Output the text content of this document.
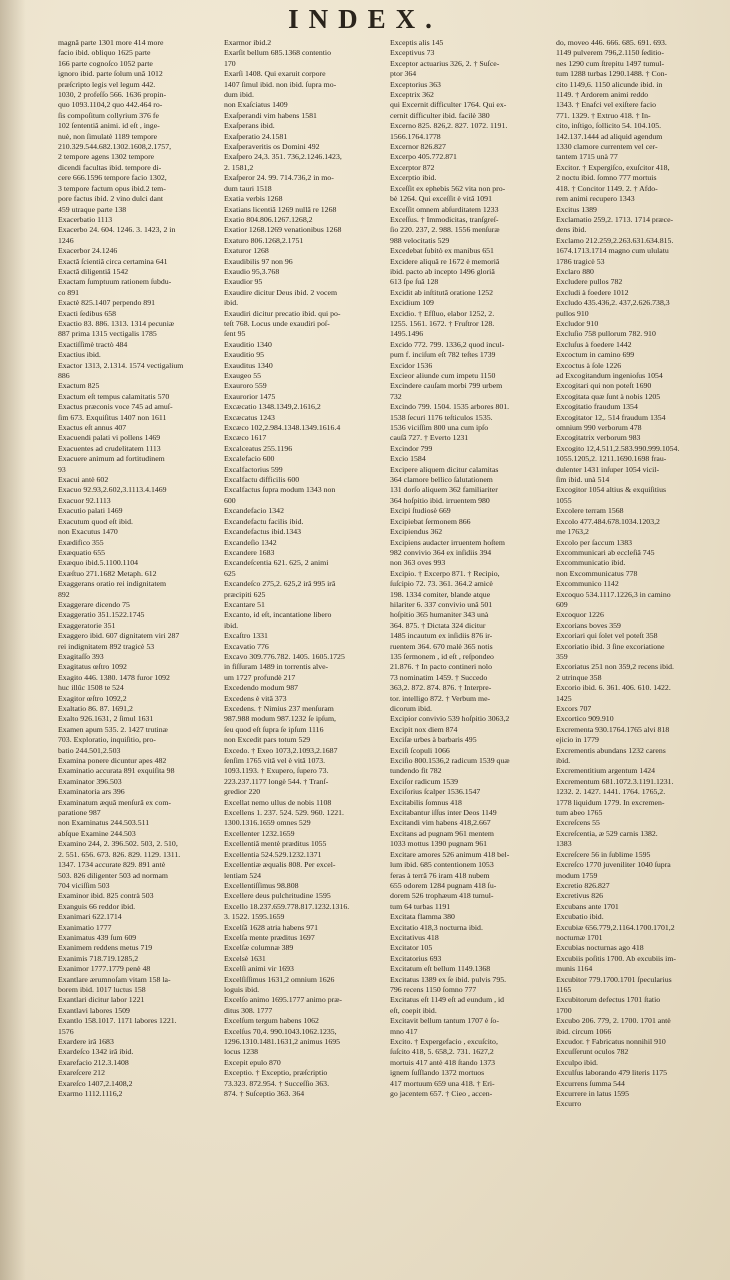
INDEX.
magnâ parte 1301 more 414 more
facio ibid. obliquo 1625 parte
166 parte cognoſco 1052 parte
ignoro ibid. parte ſolum unâ 1012
præſcripto legis vel legum 442.
1030, 2 profeſſo 566. 1636 propin-
quo 1093.1104,2 quo 442.464 ro-
ſis compoſitum collyrium 376 fe
102 ſententiâ animi. id eſt , inge-
nuè, non ſimulatè 1189 tempore
210.329.544.682.1302.1608,2.1757,
2 tempore agens 1302 tempore
dicendi facultas ibid. tempore di-
cere 666.1596 tempore facio 1302,
3 tempore factum opus ibid.2 tem-
pore factus ibid. 2 vino dulci dant
459 utraque parte 138
Exacerbatio 1113
Exacerbo 24. 604. 1246. 3. 1423, 2 in
1246
Exacerbor 24.1246
Exactâ ſcientiâ circa certamina 641
Exactâ diligentiâ 1542
Exactam ſumptuum rationem ſubdu-
co 891
Exactè 825.1407 perpendo 891
Exacti ſedibus 658
Exactio 83. 886. 1313. 1314 pecuniæ
887 prima 1315 vectigalis 1785
Exactiſſimè tractò 484
Exactius ibid.
Exactor 1313, 2.1314. 1574 vectigalium
886
Exactum 825
Exactum eſt tempus calamitatis 570
Exactus præconis voce 745 ad amuſ-
ſim 673. Exquiſitus 1407 non 1611
Exactus eſt annus 407
Exacuendi palati vi pollens 1469
Exacuentes ad crudelitatem 1113
Exacuere animum ad fortitudinem
93
Exacui antè 602
Exacuo 92.93,2.602,3.1113.4.1469
Exacuor 92.1113
Exacutio palati 1469
Exacutum quod eſt ibid.
non Exacutus 1470
Exædifico 355
Exæquatio 655
Exæquo ibid.5.1100.1104
Exæſtuo 271.1682 Metaph. 612
Exaggerans oratio rei indignitatem
892
Exaggerare dicendo 75
Exaggeratio 351.1522.1745
Exaggeratorie 351
Exaggero ibid. 607 dignitatem viri 287
rei indignitatem 892 tragicè 53
Exagitaſſo 393
Exagitatus œſtro 1092
Exagito 446. 1380. 1478 furor 1092
huc illûc 1508 te 524
Exagitor œſtro 1092,2
Exaltatio 86. 87. 1691,2
Exalto 926.1631, 2 ſimul 1631
Examen apum 535. 2. 1427 trutinæ
703. Exploratio, inquiſitio, pro-
batio 244.501,2.503
Examina ponere dicuntur apes 482
Examinatio accurata 891 exquiſita 98
Examinator 396.503
Examinatoria ars 396
Examinatum æquâ menſurâ ex com-
paratione 987
non Examinatus 244.503.511
abſque Examine 244.503
Examino 244, 2. 396.502. 503, 2. 510,
2. 551. 656. 673. 826. 829. 1129. 1311.
1347. 1734 accurate 829. 891 antè
503. 826 diligenter 503 ad normam
704 viciſſim 503
Examinor ibid. 825 contrà 503
Exanguis 66 reddor ibid.
Exanimari 622.1714
Exanimatio 1777
Exanimatus 439 ſum 609
Exanimem reddens metus 719
Exanimis 718.719.1285,2
Exanimor 1777.1779 penè 48
Exantlare ærumnoſam vitam 158 la-
borem ibid. 1017 luctus 158
Exantlari dicitur labor 1221
Exantlavi labores 1509
Exantlo 158.1017. 1171 labores 1221.
1576
Exardere irâ 1683
Exardeſco 1342 irâ ibid.
Exarefacio 212.3.1408
Exareſcere 212
Exareſco 1407,2.1408,2
Exarmo 1112.1116,2
Exarmor ibid.2
Exarſit bellum 685.1368 contentio
170
Exarſi 1408. Qui exaruit corpore
1407 ſimul ibid. non ibid. ſupra mo-
dum ibid.
non Exaſciatus 1409
Exaſperandi vim habens 1581
Exaſperans ibid.
Exaſperatio 24.1581
Exaſperaveritis os Domini 492
Exaſpero 24,3. 351. 736,2.1246.1423,
2. 1581,2
Exaſperor 24. 99. 714.736,2 in mo-
dum tauri 1518
Exatia verbis 1268
Exatians licentiâ 1269 nullâ re 1268
Exatio 804.806.1267.1268,2
Exatior 1268.1269 venationibus 1268
Exaturo 806.1268,2.1751
Exaturor 1268
Exaudibilis 97 non 96
Exaudio 95,3.768
Exaudior 95
Exaudire dicitur Deus ibid. 2 vocem
ibid.
Exaudiri dicitur precatio ibid. qui po-
teſt 768. Locus unde exaudiri poſ-
ſent 95
Exauditio 1340
Exauditio 95
Exauditus 1340
Exaugeo 55
Exauroro 559
Exaurorior 1475
Excæcatio 1348.1349,2.1616,2
Excæcatus 1243
Excæco 102,2.984.1348.1349.1616.4
Excæco 1617
Excalceatus 255.1196
Excalefacio 600
Excalfactorius 599
Excalfactu difficilis 600
Excalfactus ſupra modum 1343 non
600
Excandefacio 1342
Excandefactu facilis ibid.
Excandefactus ibid.1343
Excandeſio 1342
Excandere 1683
Excandeſcentia 621. 625, 2 animi
625
Excandeſco 275,2. 625,2 irâ 995 irâ
præcipiti 625
Excantare 51
Excanto, id eſt, incantatione libero
ibid.
Excaſtro 1331
Excavatio 776
Excavo 309.776.782. 1405. 1605.1725
in fiſſuram 1489 in torrentis alve-
um 1727 profundè 217
Excedendo modum 987
Excedens è vitâ 373
Excedens. † Nimius 237 menſuram
987.988 modum 987.1232 ſe ipſum,
ſeu quod eſt ſupra ſe ipſum 1116
non Excedit pars totum 529
Excedo. † Exeo 1073,2.1093,2.1687
ſenſim 1765 vitâ vel è vitâ 1073.
1093.1193. † Exupero, ſupero 73.
223.237.1177 longè 544. † Tranſ-
gredior 220
Excellat nemo ullus de nobis 1108
Excellens 1. 237. 524. 529. 960. 1221.
1300.1316.1659 omnes 529
Excellenter 1232.1659
Excellentiâ mentè præditus 1055
Excellentia 524.529.1232.1371
Excellentiæ æqualis 808. Per excel-
lentiam 524
Excellentiſſimus 98.808
Excellere deus pulchritudine 1595
Excello 18.237.659.778.817.1232.1316.
3. 1522. 1595.1659
Excelſâ 1628 atria habens 971
Excelſa mente præditus 1697
Excelſæ columnæ 389
Excelsè 1631
Excelſi animi vir 1693
Excelſiſſimus 1631,2 omnium 1626
loguis ibid.
Excelſo animo 1695.1777 animo præ-
ditus 308. 1777
Excelſum tergum habens 1062
Excelſus 70,4. 990.1043.1062.1235,
1296.1310.1481.1631,2 animus 1695
locus 1238
Excepit epulo 870
Exceptio. † Exceptio, præſcriptio
73.323. 872.954. † Succeſſio 363.
874. † Suſceptio 363. 364
Exceptis alis 145
Exceptivus 73
Exceptor actuarius 326, 2. † Suſce-
ptor 364
Exceptorius 363
Exceptrix 362
qui Excernit difficulter 1764. Qui ex-
cernit difficulter ibid. facilè 380
Excerno 825. 826,2. 827. 1072. 1191.
1566.1764.1778
Excernor 826.827
Excerpo 405.772.871
Excerptor 872
Excerptio ibid.
Exceſſit ex ephebis 562 vita non pro-
bè 1264. Qui exceſſit è vitâ 1091
Exceſſit omnem abſurditatem 1233
Exceſſus. † Immodicitas, tranſgreſ-
ſio 220. 237, 2. 988. 1556 menſuræ
988 velocitatis 529
Excedebat ſubitò ex manibus 651
Excidere aliquâ re 1672 è memoriâ
ibid. pacto ab incepto 1496 gloriâ
613 ſpe ſuâ 128
Excidit ab inſtitutâ oratione 1252
Excidium 109
Excidio. † Efſluo, elabor 1252, 2.
1255. 1561. 1672. † Fruſtror 128.
1495.1496
Excido 772. 799. 1336,2 quod incul-
pum f. inciſum eſt 782 teſtes 1739
Excidor 1536
Excieor aliunde cum impetu 1150
Excindere cauſam morbi 799 urbem
732
Excindo 799. 1504. 1535 arbores 801.
1538 ſecuri 1176 teſticulos 1535.
1536 viciſſim 800 una cum ipſo
cauſâ 727. † Everto 1231
Excindor 799
Excio 1584
Excipere aliquem dicitur calamitas
364 clamore bellico ſalutationem
131 dorſo aliquem 362 familiariter
364 hoſpitio ibid. irruentem 980
Excipi ſtudiosè 669
Excipiebat ſermonem 866
Excipiendus 362
Excipiens audacter irruentem hoſtem
982 convivio 364 ex inſidiis 394
non 363 oves 993
Excipio. † Excerpo 871. † Recipio,
ſuſcipio 72. 73. 361. 364.2 amicè
198. 1334 comiter, blande atque
hilariter 6. 337 convivio unâ 501
hoſpitio 365 humaniter 343 unà
364. 875. † Dictata 324 dicitur
1485 incautum ex inſidiis 876 ir-
ruentem 364. 670 malè 365 notis
135 ſermonem , id eſt , reſpondeo
21.876. † In pacto contineri nolo
73 nominatim 1459. † Succedo
363,2. 872. 874. 876. † Interpre-
tor. intelligo 872. † Verbum me-
dicorum ibid.
Excipior convivio 539 hoſpitio 3063,2
Excipit nox diem 874
Exciſæ urbes à barbaris 495
Exciſi ſcopuli 1066
Exciſio 800.1536,2 radicum 1539 quæ
tundendo fit 782
Exciſor radicum 1539
Exciſorius ſcalper 1536.1547
Excitabilis ſomnus 418
Excitabantur iſſus inter Deos 1149
Excitandi vim habens 418,2.667
Excitans ad pugnam 961 mentem
1033 mottus 1390 pugnam 961
Excitare amores 526 animum 418 bel-
lum ibid. 685 contentionem 1053
feras à terrâ 76 iram 418 nubem
655 odorem 1284 pugnam 418 ſu-
dorem 526 trophæum 418 tumul-
tum 64 turbas 1191
Excitata flamma 380
Excitatio 418,3 nocturna ibid.
Excitativus 418
Excitator 105
Excitatorius 693
Excitatum eſt bellum 1149.1368
Excitatus 1389 ex ſe ibid. pulvis 795.
796 recens 1150 ſomno 777
Excitatus eſt 1149 eſt ad eundum , id
eſt, coepit ibid.
Excitavit bellum tantum 1707 è ſo-
mno 417
Excito. † Expergefacio , excuſcito,
ſuſcito 418, 5. 658,2. 731. 1627,2
mortuis 417 antè 418 ſtando 1373
ignem ſuſſlando 1372 mortuos
417 mortuum 659 una 418. † Eri-
go jacentem 657. † Cieo , accen-
do, moveo 446. 666. 685. 691. 693.
1149 pulverem 796,2.1150 ſeditio-
nes 1290 cum ſtrepitu 1497 tumul-
tum 1288 turbas 1290.1488. † Con-
cito 1149,6. 1150 alicunde ibid. in
1149. † Ardorem animi reddo
1343. † Enafci vel exiſtere facio
771. 1329. † Extruo 418. † In-
cito, inſtigo, ſollicito 54. 104.105.
142.137.1444 ad aliquid agendum
1330 clamore currentem vel cer-
tantem 1715 unà 77
Excitor. † Expergiſco, exuſcitor 418,
2 noctu ibid. ſomno 777 mortuis
418. † Concitor 1149. 2. † Afdo-
rem animi recupero 1343
Excitus 1389
Exclamatio 259,2. 1713. 1714 præce-
dens ibid.
Exclamo 212.259,2.263.631.634.815.
1674.1713.1714 magno cum ululatu
1786 tragicè 53
Exclaro 880
Excludere pullos 782
Excludi à foedere 1012
Excludo 435.436,2. 437,2.626.738,3
pullos 910
Excludor 910
Excluſio 758 pullorum 782. 910
Excluſus à foedere 1442
Excoctum in camino 699
Excoctus à ſole 1226
ad Excogitandum ingenioſus 1054
Excogitari qui non poteſt 1690
Excogitata quæ ſunt à nobis 1205
Excogitatio fraudum 1354
Excogitator 12,. 514 fraudum 1354
omnium 990 verborum 478
Excogitatrix verborum 983
Excogito 12,4.511,2.583.990.999.1054.
1055.1205,2. 1211.1690.1698 frau-
dulenter 1431 inſuper 1054 vicil-
ſim ibid. unà 514
Excogitor 1054 altius & exquiſitius
1055
Excolere terram 1568
Excolo 477.484.678.1034.1203,2
me 1763,2
Excolo per ſaccum 1383
Excommunicari ab eccleſiâ 745
Excommunicatio ibid.
non Excommunicatus 778
Excommunico 1142
Excoquo 534.1117.1226,3 in camino
609
Excoquor 1226
Excorians boves 359
Excoriari qui ſolet vel poteſt 358
Excoriatio ibid. 3 ſine excoriatione
359
Excoriatus 251 non 359,2 recens ibid.
2 utrinque 358
Excorio ibid. 6. 361. 406. 610. 1422.
1425
Excors 707
Excortico 909.910
Excrementa 930.1764.1765 alvi 818
ejicio in 1779
Excrementis abundans 1232 carens
ibid.
Excrementitium argentum 1424
Excrementum 681.1072.3.1191.1231.
1232. 2. 1427. 1441. 1764. 1765,2.
1778 liquidum 1779. In excremen-
tum abeo 1765
Excreſcens 55
Excreſcentia, æ 529 carnis 1382.
1383
Excreſcere 56 in ſublime 1595
Excreſco 1770 juveniliter 1040 ſupra
modum 1759
Excretio 826.827
Excretivus 826
Excubans ante 1701
Excubatio ibid.
Excubiæ 656.779,2.1164.1700.1701,2
nocturnæ 1701
Excubias nocturnas ago 418
Excubiis poſitis 1700. Ab excubiis im-
munis 1164
Excubitor 779.1700.1701 ſpecularius
1165
Excubitorum defectus 1701 ſtatio
1700
Excubo 206. 779, 2. 1700. 1701 antè
ibid. circum 1066
Excudor. † Fabricatus nonnihil 910
Excuſſerunt oculos 782
Exculpo ibid.
Exculſus laborando 479 literis 1175
Excurrens ſumma 544
Excurrere in latus 1595
Excurro
